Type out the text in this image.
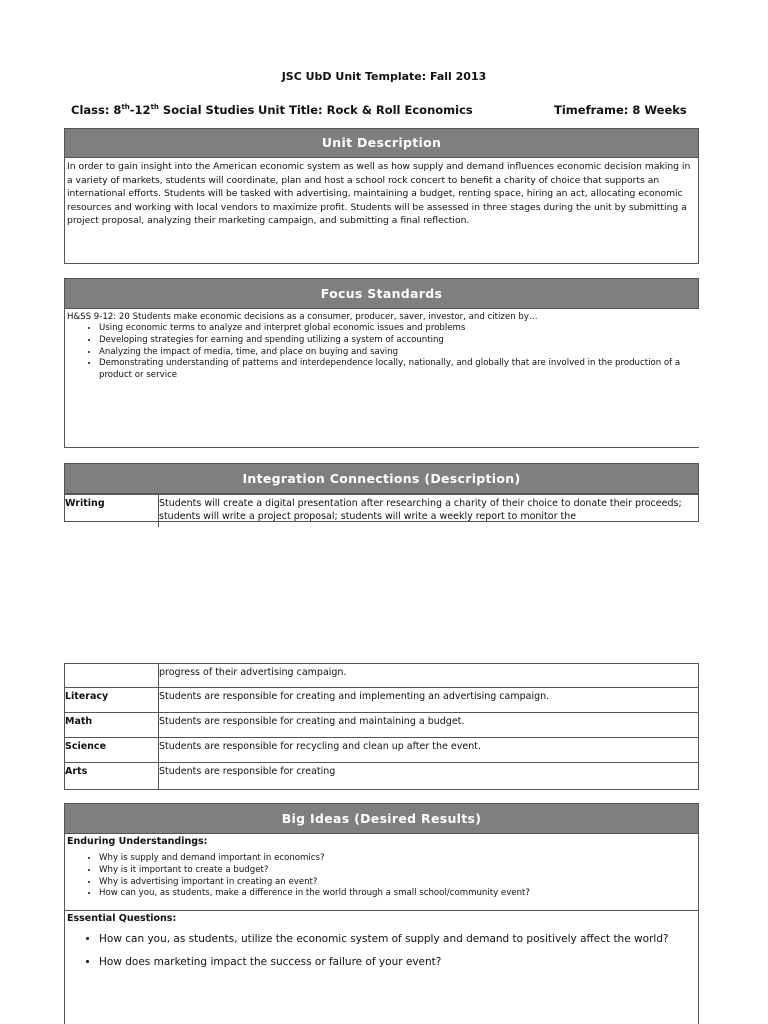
JSC UbD Unit Template: Fall 2013
Class: 8th-12th Social Studies Unit Title: Rock & Roll Economics	Timeframe: 8 Weeks
Unit Description
In order to gain insight into the American economic system as well as how supply and demand influences economic decision making in a variety of markets, students will coordinate, plan and host a school rock concert to benefit a charity of choice that supports an international efforts. Students will be tasked with advertising, maintaining a budget, renting space, hiring an act, allocating economic resources and working with local vendors to maximize profit. Students will be assessed in three stages during the unit by submitting a project proposal, analyzing their marketing campaign, and submitting a final reflection.
Focus Standards
H&SS 9-12: 20 Students make economic decisions as a consumer, producer, saver, investor, and citizen by…
• Using economic terms to analyze and interpret global economic issues and problems
• Developing strategies for earning and spending utilizing a system of accounting
• Analyzing the impact of media, time, and place on buying and saving
• Demonstrating understanding of patterns and interdependence locally, nationally, and globally that are involved in the production of a product or service
Integration Connections (Description)
Writing	Students will create a digital presentation after researching a charity of their choice to donate their proceeds; students will write a project proposal; students will write a weekly report to monitor the
	progress of their advertising campaign.
Literacy	Students are responsible for creating and implementing an advertising campaign.
Math	Students are responsible for creating and maintaining a budget.
Science	Students are responsible for recycling and clean up after the event.
Arts	Students are responsible for creating
Big Ideas (Desired Results)
Enduring Understandings:
• Why is supply and demand important in economics?
• Why is it important to create a budget?
• Why is advertising important in creating an event?
• How can you, as students, make a difference in the world through a small school/community event?
Essential Questions:
• How can you, as students, utilize the economic system of supply and demand to positively affect the world?
• How does marketing impact the success or failure of your event?
